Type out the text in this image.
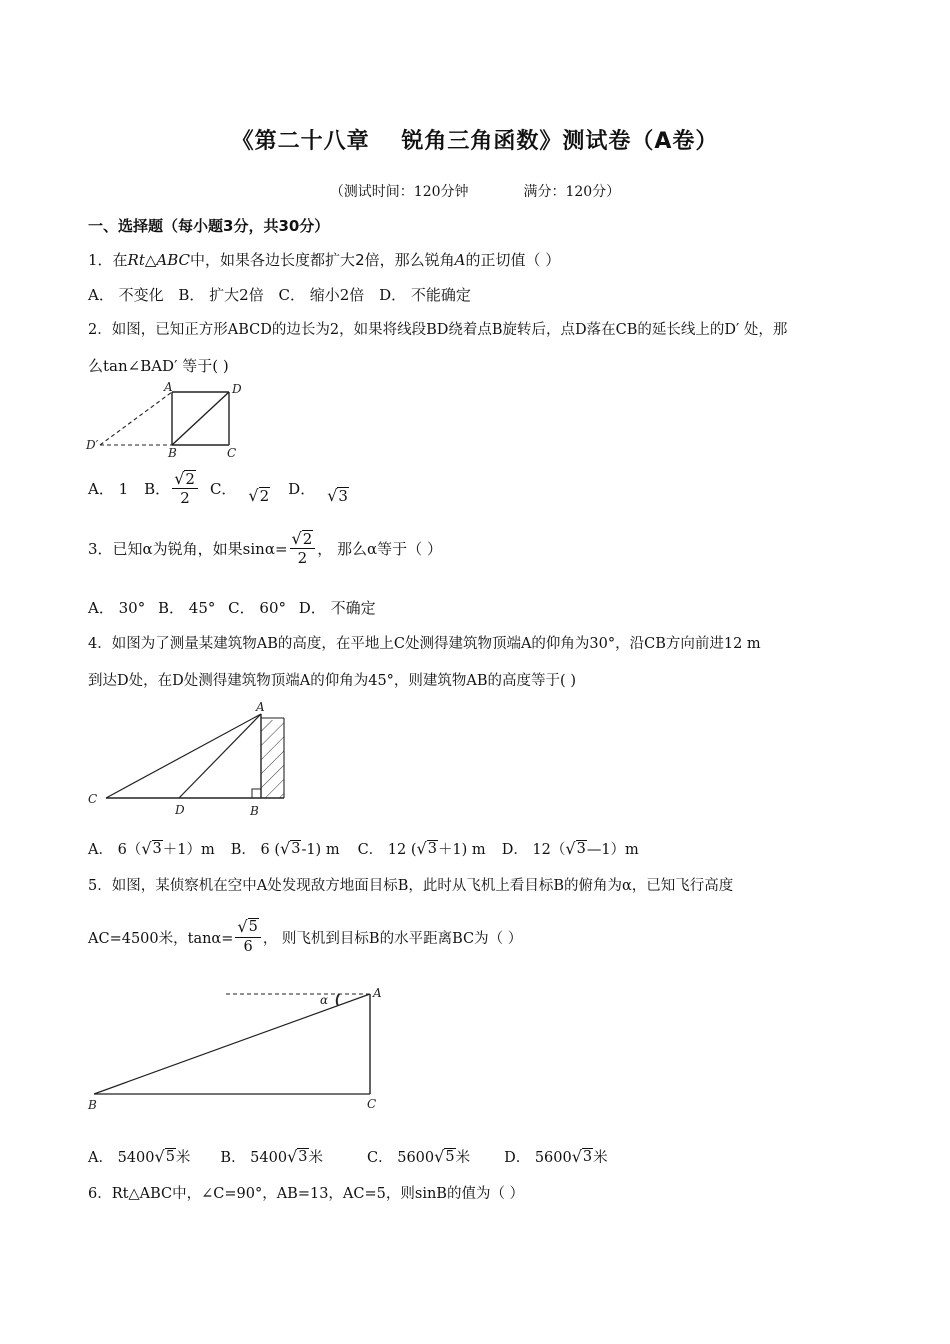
《第二十八章　 锐角三角函数》测试卷（A卷）
（测试时间：120分钟	满分：120分）
一、选择题（每小题3分，共30分）
1．在Rt△ABC中，如果各边长度都扩大2倍，那么锐角A的正切值（ ）
A． 不变化 B． 扩大2倍 C． 缩小2倍 D． 不能确定
2．如图，已知正方形ABCD的边长为2，如果将线段BD绕着点B旋转后，点D落在CB的延长线上的D′ 处，那
么tan∠BAD′ 等于( )
A	D
B	C
D′
A． 1 B． $\frac{√ 2}{2}$ C． √ 2 D． √ 3
3．已知α为锐角，如果$\sin\alpha= \frac{√ 2}{2}$ ， 那么α等于（ ）
A． 30° B． 45° C． 60° D． 不确定
4．如图为了测量某建筑物AB的高度，在平地上C处测得建筑物顶端A的仰角为30°，沿CB方向前进12 m
到达D处，在D处测得建筑物顶端A的仰角为45°，则建筑物AB的高度等于( )
A
C
D	B
A． 6（ √ 3 ＋1）m B． 6 ( √ 3 -1) m C． 12 ( √ 3 ＋1) m D． 12（ √ 3 —1）m
5．如图，某侦察机在空中A处发现敌方地面目标B，此时从飞机上看目标B的俯角为α，已知飞行高度
AC=4500米，$\tan\alpha= \frac{√ 5}{6}$ ， 则飞机到目标B的水平距离BC为（ ）
α	A
B	C
A． 5400 √ 5 米 B． 5400 √ 3 米	C． 5600 √ 5 米 D． 5600 √ 3 米
6．Rt△ABC中，∠C=90°，AB=13，AC=5，则sinB的值为（ ）
